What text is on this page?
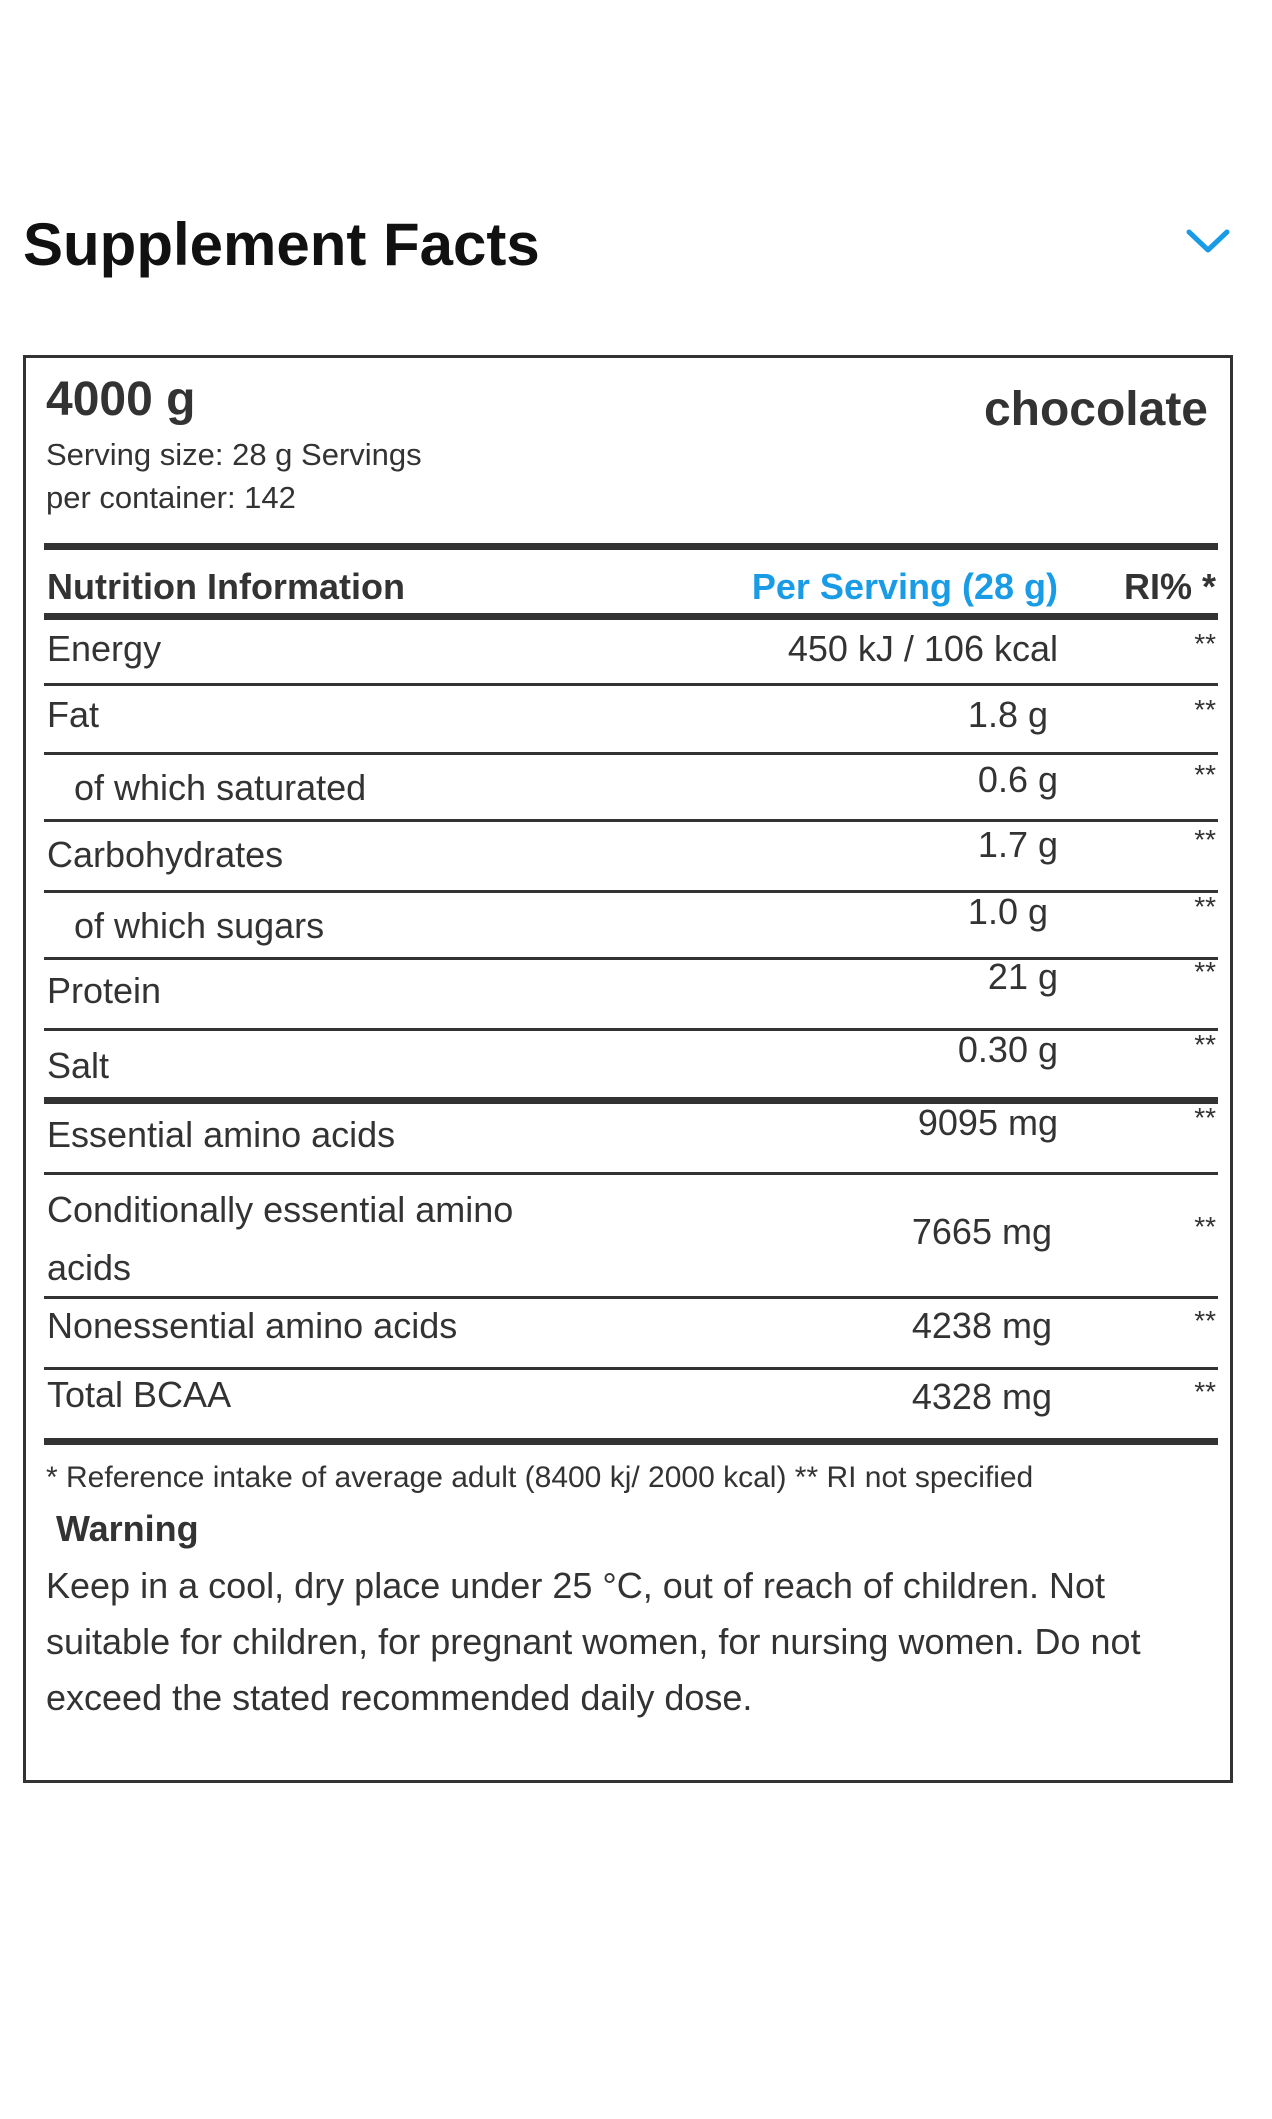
Supplement Facts
4000 g	chocolate
Serving size: 28 g Servings per container: 142
Nutrition Information	Per Serving (28 g) RI% *
Energy	450 kJ / 106 kcal	**
Fat	1.8 g	**
of which saturated	0.6 g	**
Carbohydrates	1.7 g	**
of which sugars	1.0 g	**
Protein	21 g	**
Salt	0.30 g	**
Essential amino acids	9095 mg	**
Conditionally essential amino acids
7665 mg	**
Nonessential amino acids	4238 mg	**
Total BCAA	4328 mg	**
* Reference intake of average adult (8400 kj/ 2000 kcal) ** RI not specified
Warning
Keep in a cool, dry place under 25 °C, out of reach of children. Not suitable for children, for pregnant women, for nursing women. Do not exceed the stated recommended daily dose.
